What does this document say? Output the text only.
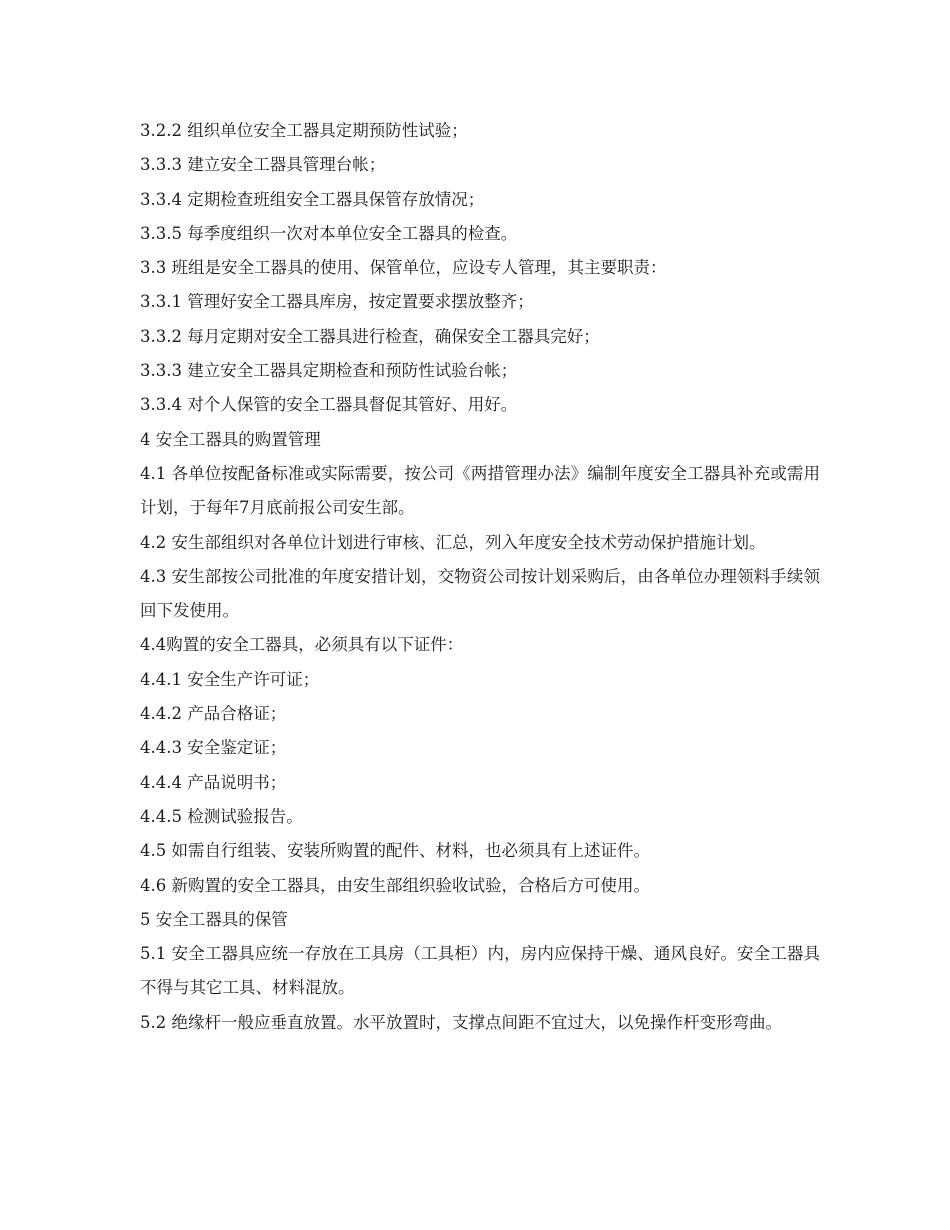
3.2.2 组织单位安全工器具定期预防性试验；

3.3.3 建立安全工器具管理台帐；

3.3.4 定期检查班组安全工器具保管存放情况；

3.3.5 每季度组织一次对本单位安全工器具的检查。

3.3 班组是安全工器具的使用、保管单位，应设专人管理，其主要职责：

3.3.1 管理好安全工器具库房，按定置要求摆放整齐；

3.3.2 每月定期对安全工器具进行检查，确保安全工器具完好；

3.3.3 建立安全工器具定期检查和预防性试验台帐；

3.3.4 对个人保管的安全工器具督促其管好、用好。

4 安全工器具的购置管理

4.1 各单位按配备标准或实际需要，按公司《两措管理办法》编制年度安全工器具补充或需用计划，于每年7月底前报公司安生部。

4.2 安生部组织对各单位计划进行审核、汇总，列入年度安全技术劳动保护措施计划。

4.3 安生部按公司批准的年度安措计划，交物资公司按计划采购后，由各单位办理领料手续领回下发使用。

4.4购置的安全工器具，必须具有以下证件：

4.4.1 安全生产许可证；

4.4.2 产品合格证；

4.4.3 安全鉴定证；

4.4.4 产品说明书；

4.4.5 检测试验报告。

4.5 如需自行组装、安装所购置的配件、材料，也必须具有上述证件。

4.6 新购置的安全工器具，由安生部组织验收试验，合格后方可使用。

5 安全工器具的保管

5.1 安全工器具应统一存放在工具房（工具柜）内，房内应保持干燥、通风良好。安全工器具不得与其它工具、材料混放。

5.2 绝缘杆一般应垂直放置。水平放置时，支撑点间距不宜过大，以免操作杆变形弯曲。
